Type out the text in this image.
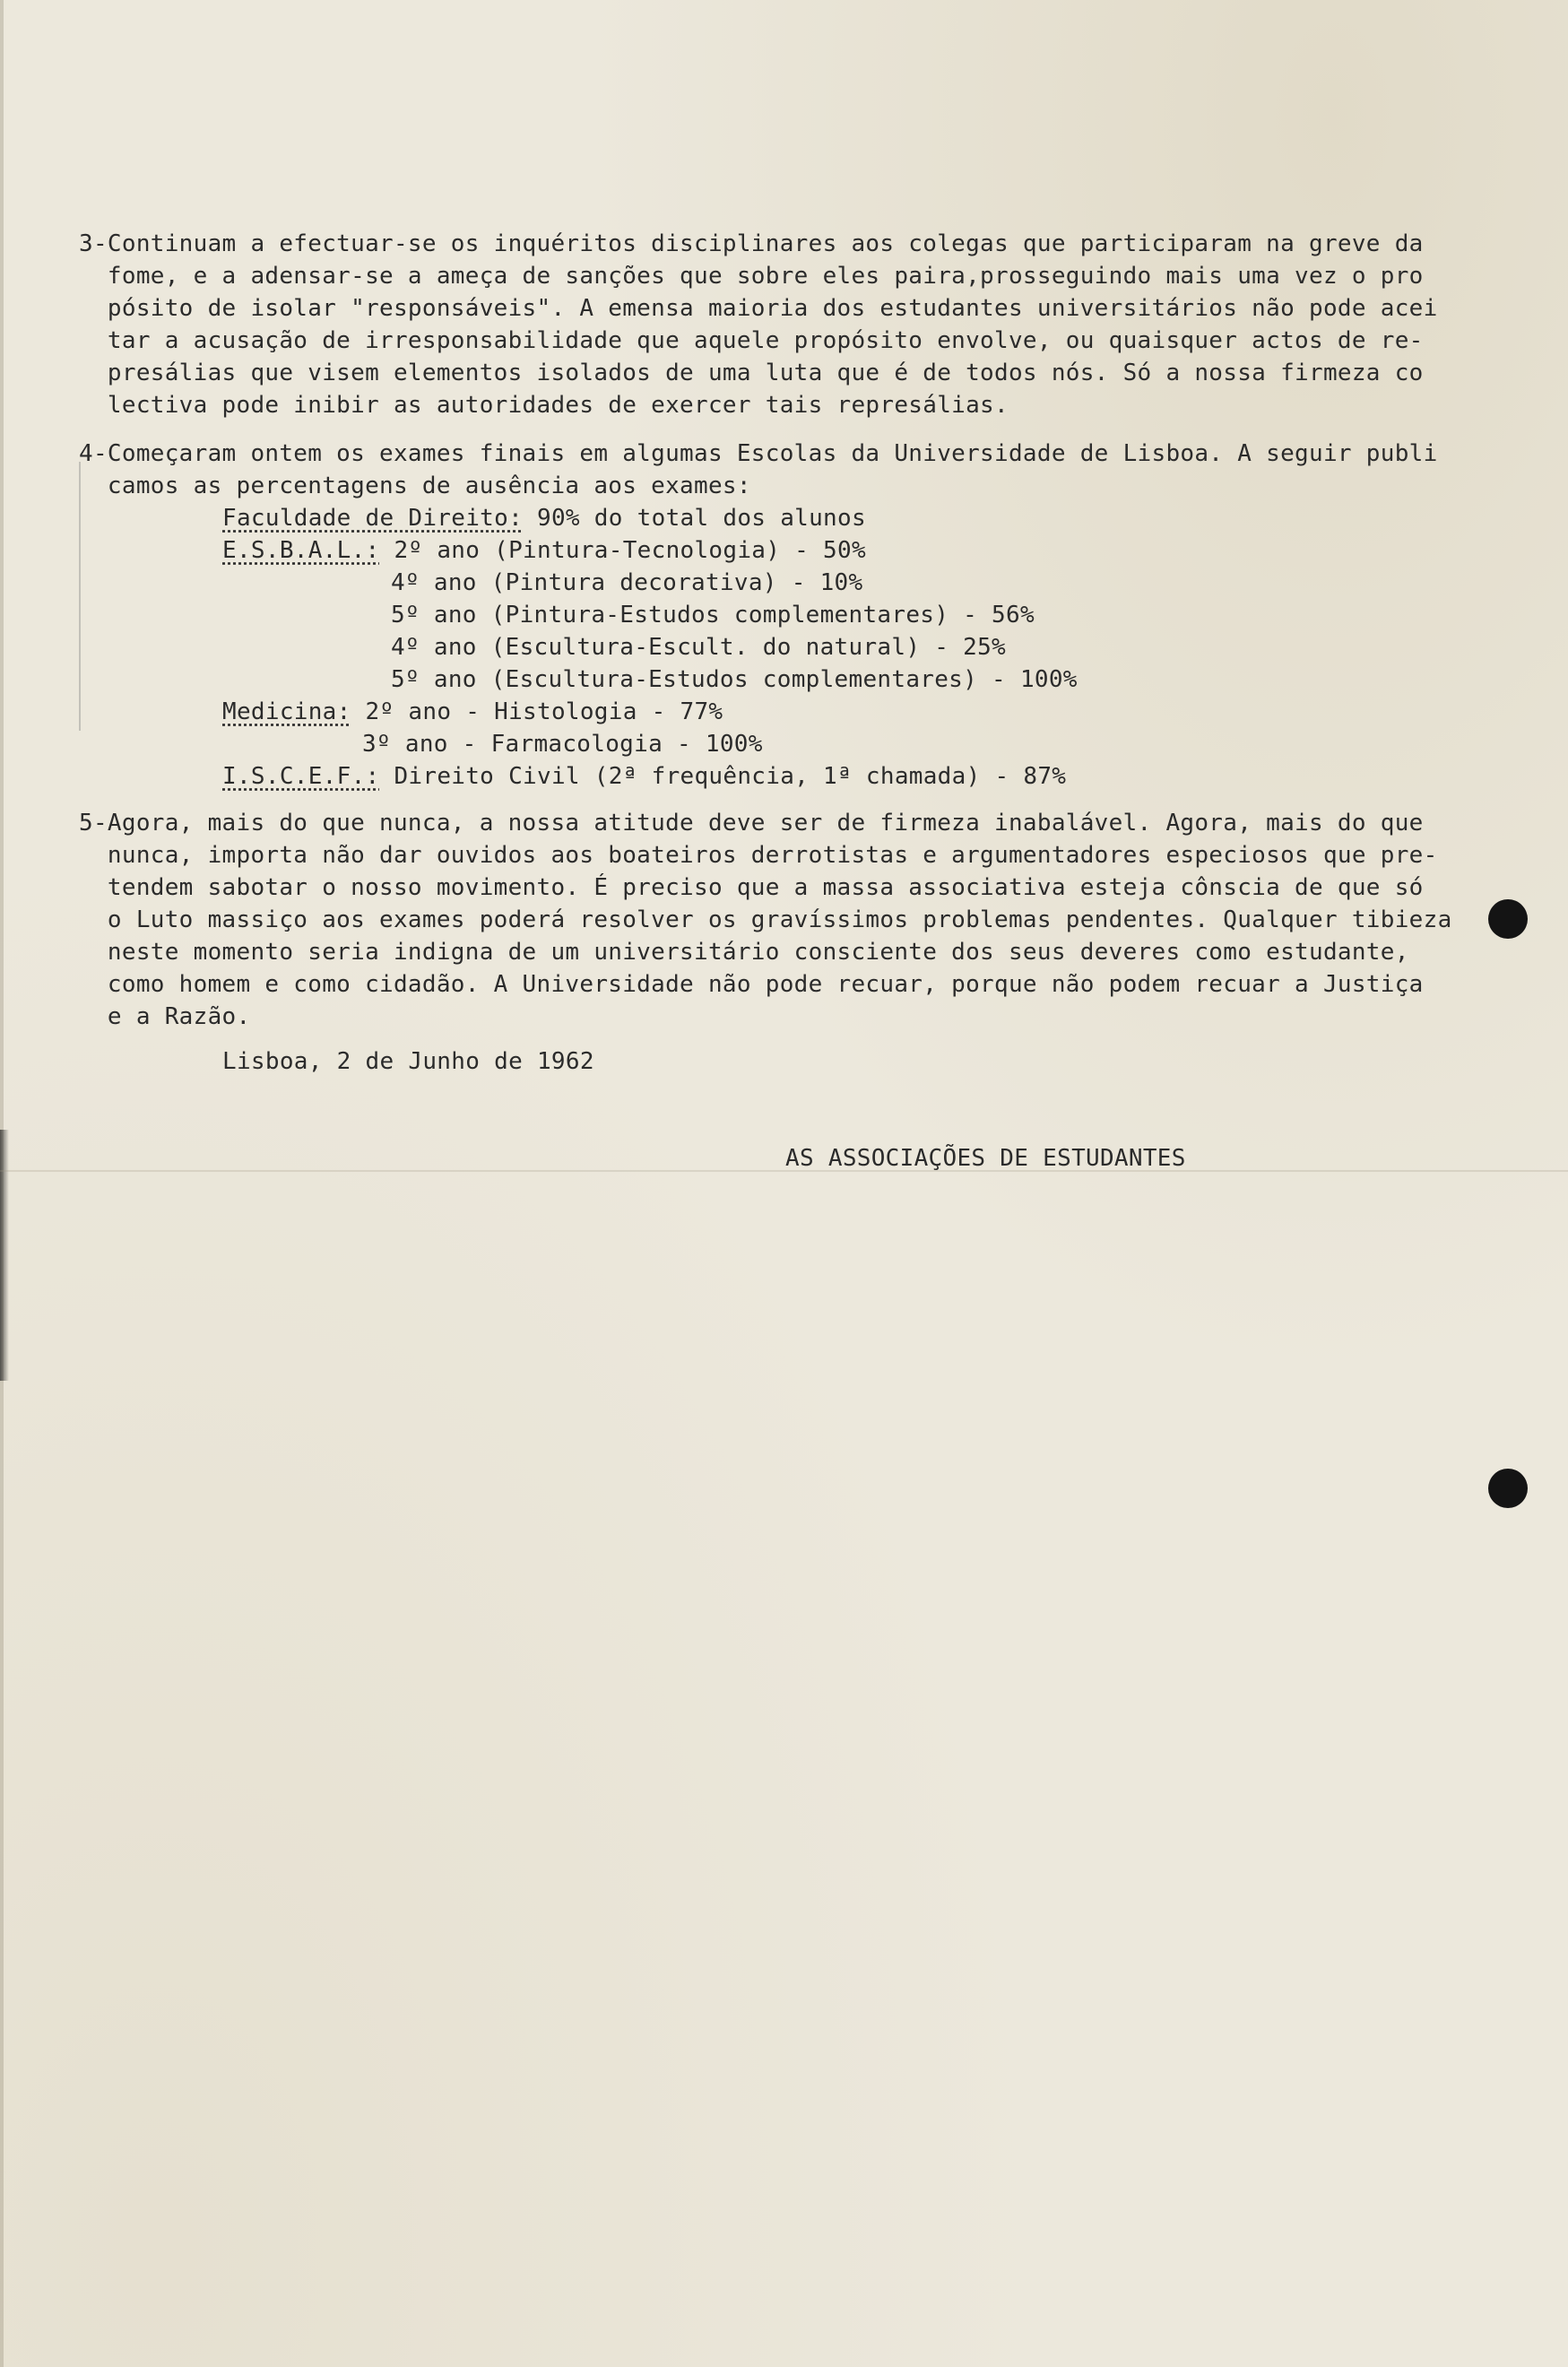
3-Continuam a efectuar-se os inquéritos disciplinares aos colegas que participaram na greve da
fome, e a adensar-se a ameça de sanções que sobre eles paira,prosseguindo mais uma vez o pro
pósito de isolar "responsáveis". A emensa maioria dos estudantes universitários não pode acei
tar a acusação de irresponsabilidade que aquele propósito envolve, ou quaisquer actos de re-
presálias que visem elementos isolados de uma luta que é de todos nós. Só a nossa firmeza co
lectiva pode inibir as autoridades de exercer tais represálias.
4-Começaram ontem os exames finais em algumas Escolas da Universidade de Lisboa. A seguir publi
camos as percentagens de ausência aos exames:
Faculdade de Direito: 90% do total dos alunos
E.S.B.A.L.: 2º ano (Pintura-Tecnologia) - 50%
4º ano (Pintura decorativa) - 10%
5º ano (Pintura-Estudos complementares) - 56%
4º ano (Escultura-Escult. do natural) - 25%
5º ano (Escultura-Estudos complementares) - 100%
Medicina: 2º ano - Histologia - 77%
3º ano - Farmacologia - 100%
I.S.C.E.F.: Direito Civil (2ª frequência, 1ª chamada) - 87%
5-Agora, mais do que nunca, a nossa atitude deve ser de firmeza inabalável. Agora, mais do que
nunca, importa não dar ouvidos aos boateiros derrotistas e argumentadores especiosos que pre-
tendem sabotar o nosso movimento. É preciso que a massa associativa esteja cônscia de que só
o Luto massiço aos exames poderá resolver os gravíssimos problemas pendentes. Qualquer tibieza
neste momento seria indigna de um universitário consciente dos seus deveres como estudante,
como homem e como cidadão. A Universidade não pode recuar, porque não podem recuar a Justiça
e a Razão.
Lisboa, 2 de Junho de 1962
AS ASSOCIAÇÕES DE ESTUDANTES
